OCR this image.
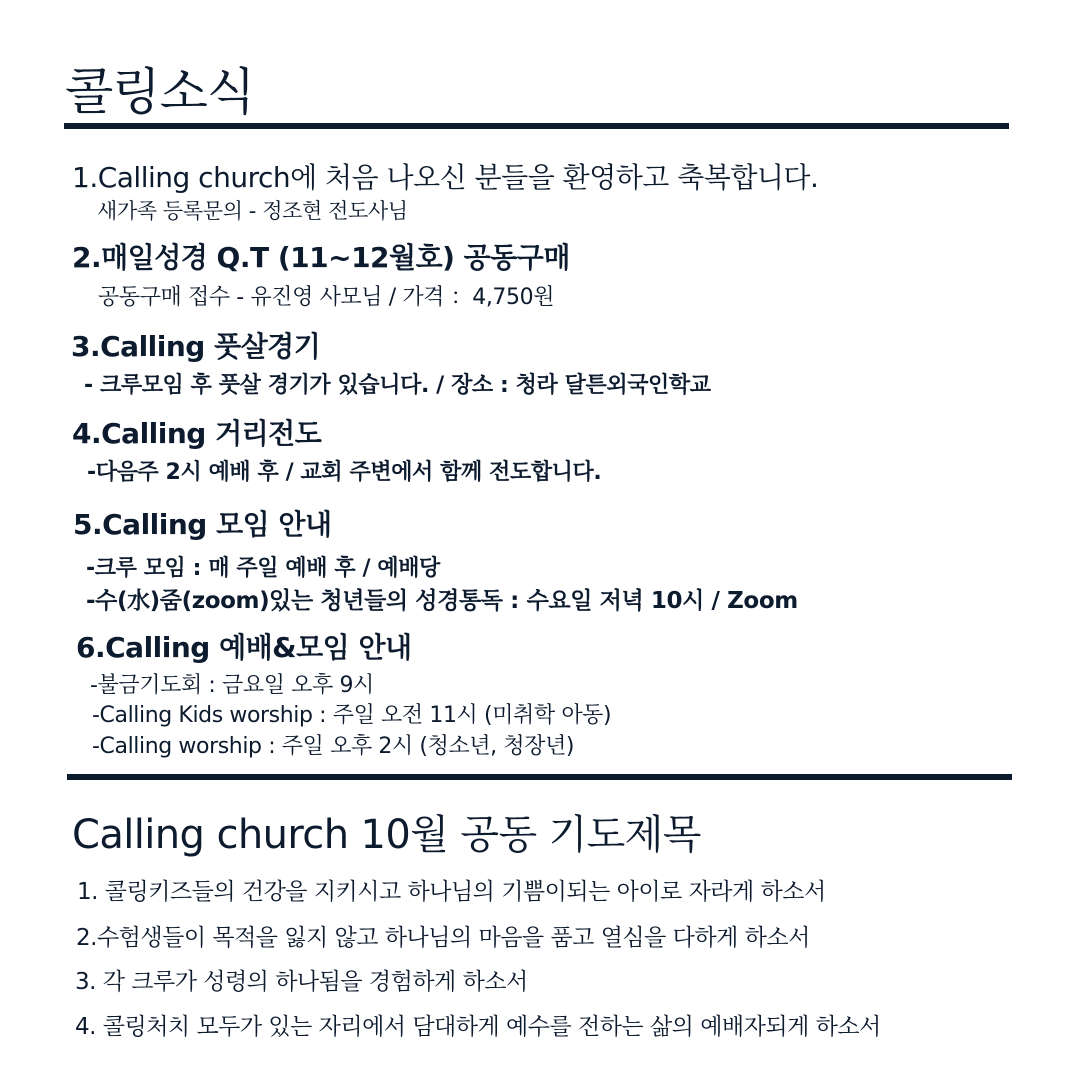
콜링소식
1.Calling church에 처음 나오신 분들을 환영하고 축복합니다.
새가족 등록문의 - 정조현 전도사님
2.매일성경 Q.T (11~12월호) 공동구매
공동구매 접수 - 유진영 사모님 / 가격 ：4,750원
3.Calling 풋살경기
- 크루모임 후 풋살 경기가 있습니다. / 장소 : 청라 달튼외국인학교
4.Calling 거리전도
-다음주 2시 예배 후 / 교회 주변에서 함께 전도합니다.
5.Calling 모임 안내
-크루 모임 : 매 주일 예배 후 / 예배당
-수(水)줌(zoom)있는 청년들의 성경통독 : 수요일 저녁 10시 / Zoom
6.Calling 예배&모임 안내
-불금기도회 : 금요일 오후 9시
-Calling Kids worship : 주일 오전 11시 (미취학 아동)
-Calling worship : 주일 오후 2시 (청소년, 청장년)
Calling church 10월 공동 기도제목
1. 콜링키즈들의 건강을 지키시고 하나님의 기쁨이되는 아이로 자라게 하소서
2.수험생들이 목적을 잃지 않고 하나님의 마음을 품고 열심을 다하게 하소서
3. 각 크루가 성령의 하나됨을 경험하게 하소서
4. 콜링처치 모두가 있는 자리에서 담대하게 예수를 전하는 삶의 예배자되게 하소서
